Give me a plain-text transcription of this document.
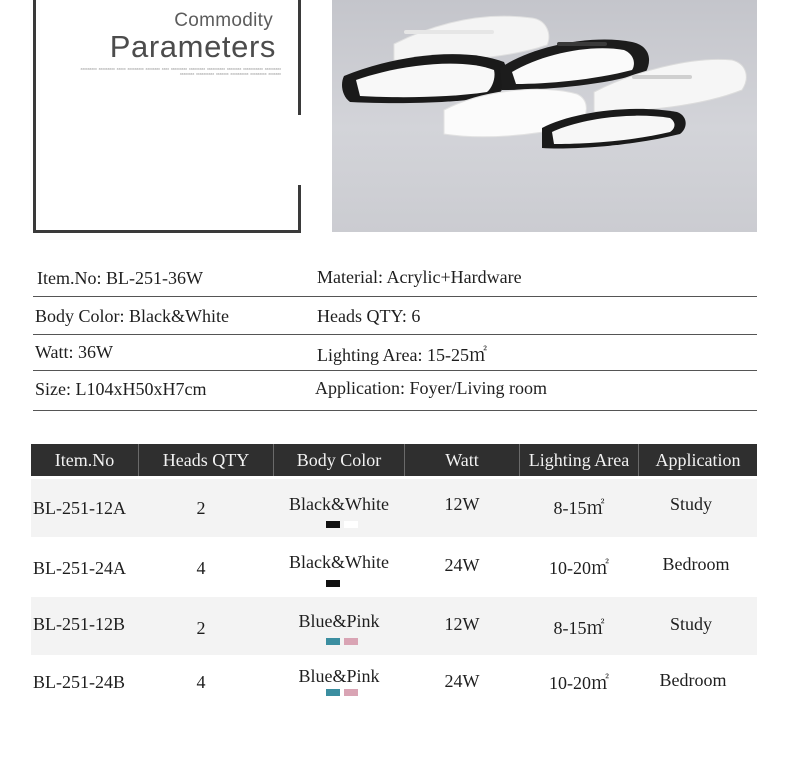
Commodity
Parameters
XXXXXXXXX XXXXXXXXX XXXXX XXXXXXXXX XXXXXXXX XXXX XXXXXXXXX XXXXXXXXX XXXXXXXXXX XXXXXXXX XXXXXXXXXXX XXXXXXXXX XXXXXXXX XXXXXXXXXX XXXXXXX XXXXXXXXXX XXXXXXXXX XXXXXXX
Item.No: BL-251-36W	Material: Acrylic+Hardware
Body Color: Black&White	Heads QTY: 6
Watt: 36W	Lighting Area: 15-25㎡
Size: L104xH50xH7cm	Application: Foyer/Living room
Item.No	Heads QTY	Body Color	Watt	Lighting Area	Application
BL-251-12A	2	Black&White	12W	8-15㎡	Study
BL-251-24A	4	Black&White	24W	10-20㎡	Bedroom
BL-251-12B	2	Blue&Pink	12W	8-15㎡	Study
BL-251-24B	4	Blue&Pink	24W	10-20㎡	Bedroom
